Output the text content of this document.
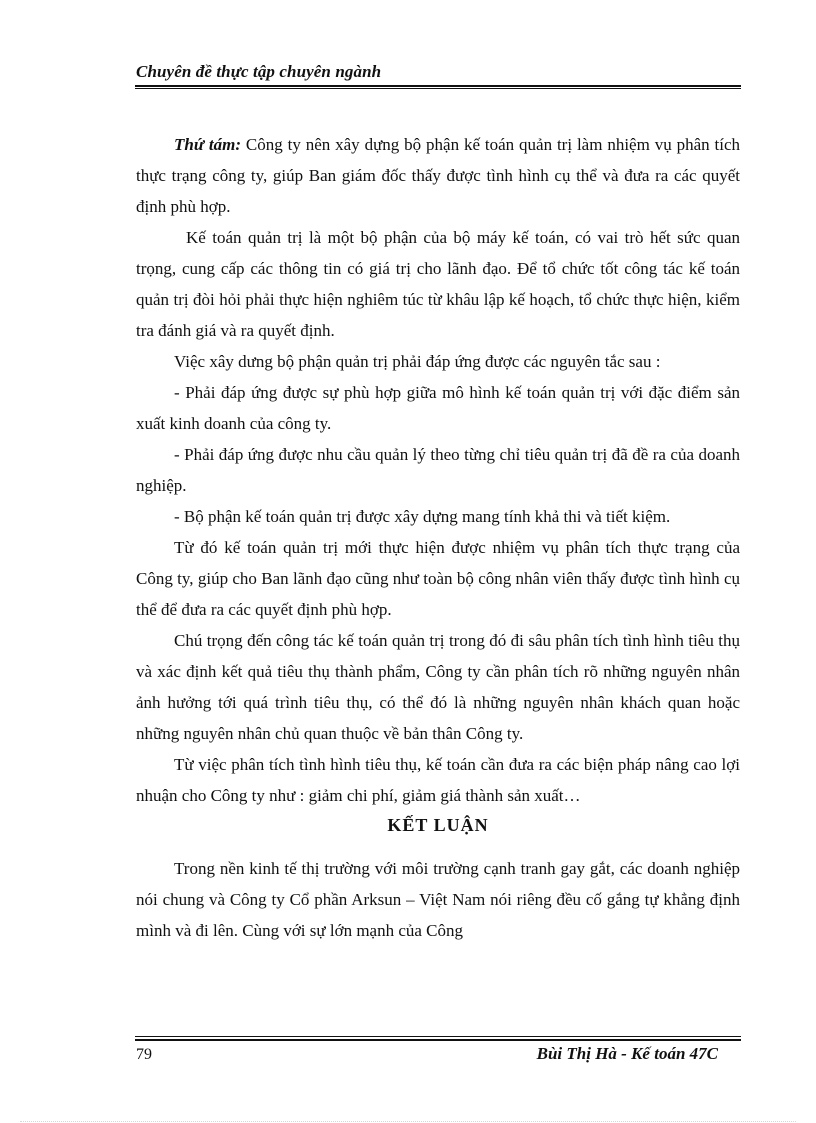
Chuyên đề thực tập chuyên ngành

Thứ tám: Công ty nên xây dựng bộ phận kế toán quản trị làm nhiệm vụ phân tích thực trạng công ty, giúp Ban giám đốc thấy được tình hình cụ thể và đưa ra các quyết định phù hợp.

Kế toán quản trị là một bộ phận của bộ máy kế toán, có vai trò hết sức quan trọng, cung cấp các thông tin có giá trị cho lãnh đạo. Để tổ chức tốt công tác kế toán quản trị đòi hỏi phải thực hiện nghiêm túc từ khâu lập kế hoạch, tổ chức thực hiện, kiểm tra đánh giá và ra quyết định.

Việc xây dưng bộ phận quản trị phải đáp ứng được các nguyên tắc sau :

- Phải đáp ứng được sự phù hợp giữa mô hình kế toán quản trị với đặc điểm sản xuất kinh doanh của công ty.

- Phải đáp ứng được nhu cầu quản lý theo từng chỉ tiêu quản trị đã đề ra của doanh nghiệp.

- Bộ phận kế toán quản trị được xây dựng mang tính khả thi và tiết kiệm.

Từ đó kế toán quản trị mới thực hiện được nhiệm vụ phân tích thực trạng của Công ty, giúp cho Ban lãnh đạo cũng như toàn bộ công nhân viên thấy được tình hình cụ thể để đưa ra các quyết định phù hợp.

Chú trọng đến công tác kế toán quản trị trong đó đi sâu phân tích tình hình tiêu thụ và xác định kết quả tiêu thụ thành phẩm, Công ty cần phân tích rõ những nguyên nhân ảnh hưởng tới quá trình tiêu thụ, có thể đó là những nguyên nhân khách quan hoặc những nguyên nhân chủ quan thuộc về bản thân Công ty.

Từ việc phân tích tình hình tiêu thụ, kế toán cần đưa ra các biện pháp nâng cao lợi nhuận cho Công ty như : giảm chi phí, giảm giá thành sản xuất…

KẾT LUẬN

Trong nền kinh tế thị trường với môi trường cạnh tranh gay gắt, các doanh nghiệp nói chung và Công ty Cổ phần Arksun – Việt Nam nói riêng đều cố gắng tự khẳng định mình và đi lên. Cùng với sự lớn mạnh của Công

79	Bùi Thị Hà - Kế toán 47C
